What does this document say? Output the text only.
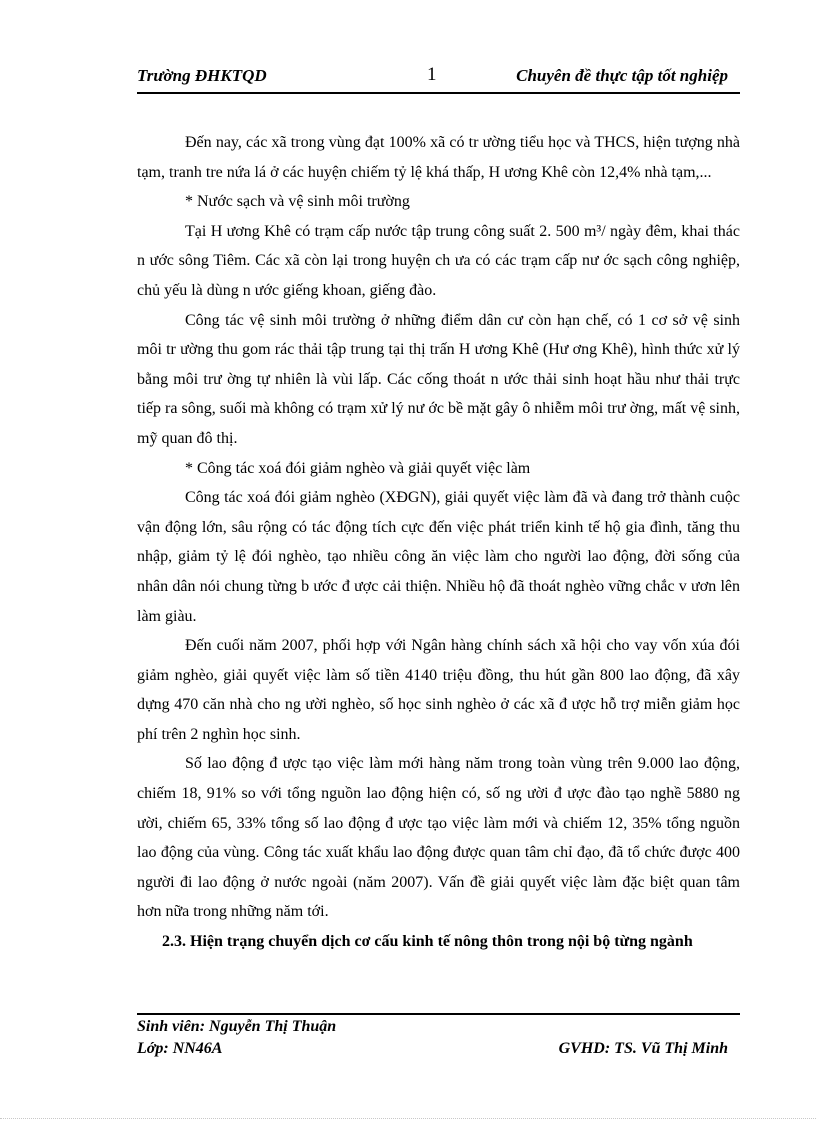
Trường ĐHKTQD	1	Chuyên đề thực tập tốt nghiệp

Đến nay, các xã trong vùng đạt 100% xã có tr ường tiểu học và THCS, hiện tượng nhà tạm, tranh tre nứa lá ở các huyện chiếm tỷ lệ khá thấp, H ương Khê còn 12,4% nhà tạm,...

* Nước sạch và vệ sinh môi trường

Tại H ương Khê có trạm cấp nước tập trung công suất 2. 500 m³/ ngày đêm, khai thác n ước sông Tiêm. Các xã còn lại trong huyện ch ưa có các trạm cấp nư ớc sạch công nghiệp, chủ yếu là dùng n ước giếng khoan, giếng đào.

Công tác vệ sinh môi trường ở những điểm dân cư còn hạn chế, có 1 cơ sở vệ sinh môi tr ường thu gom rác thải tập trung tại thị trấn H ương Khê (Hư ơng Khê), hình thức xử lý bằng môi trư ờng tự nhiên là vùi lấp. Các cống thoát n ước thải sinh hoạt hầu như thải trực tiếp ra sông, suối mà không có trạm xử lý nư ớc bề mặt gây ô nhiễm môi trư ờng, mất vệ sinh, mỹ quan đô thị.

* Công tác xoá đói giảm nghèo và giải quyết việc làm

Công tác xoá đói giảm nghèo (XĐGN), giải quyết việc làm đã và đang trở thành cuộc vận động lớn, sâu rộng có tác động tích cực đến việc phát triển kinh tế hộ gia đình, tăng thu nhập, giảm tỷ lệ đói nghèo, tạo nhiều công ăn việc làm cho người lao động, đời sống của nhân dân nói chung từng b ước đ ược cải thiện. Nhiều hộ đã thoát nghèo vững chắc v ươn lên làm giàu.

Đến cuối năm 2007, phối hợp với Ngân hàng chính sách xã hội cho vay vốn xúa đói giảm nghèo, giải quyết việc làm số tiền 4140 triệu đồng, thu hút gần 800 lao động, đã xây dựng 470 căn nhà cho ng ười nghèo, số học sinh nghèo ở các xã đ ược hỗ trợ miễn giảm học phí trên 2 nghìn học sinh.

Số lao động đ ược tạo việc làm mới hàng năm trong toàn vùng trên 9.000 lao động, chiếm 18, 91% so với tổng nguồn lao động hiện có, số ng ười đ ược đào tạo nghề 5880 ng ười, chiếm 65, 33% tổng số lao động đ ược tạo việc làm mới và chiếm 12, 35% tổng nguồn lao động của vùng. Công tác xuất khẩu lao động được quan tâm chỉ đạo, đã tổ chức được 400 người đi lao động ở nước ngoài (năm 2007). Vấn đề giải quyết việc làm đặc biệt quan tâm hơn nữa trong những năm tới.

2.3. Hiện trạng chuyển dịch cơ cấu kinh tế nông thôn trong nội bộ từng ngành

Sinh viên: Nguyễn Thị Thuận
Lớp: NN46A	GVHD: TS. Vũ Thị Minh
